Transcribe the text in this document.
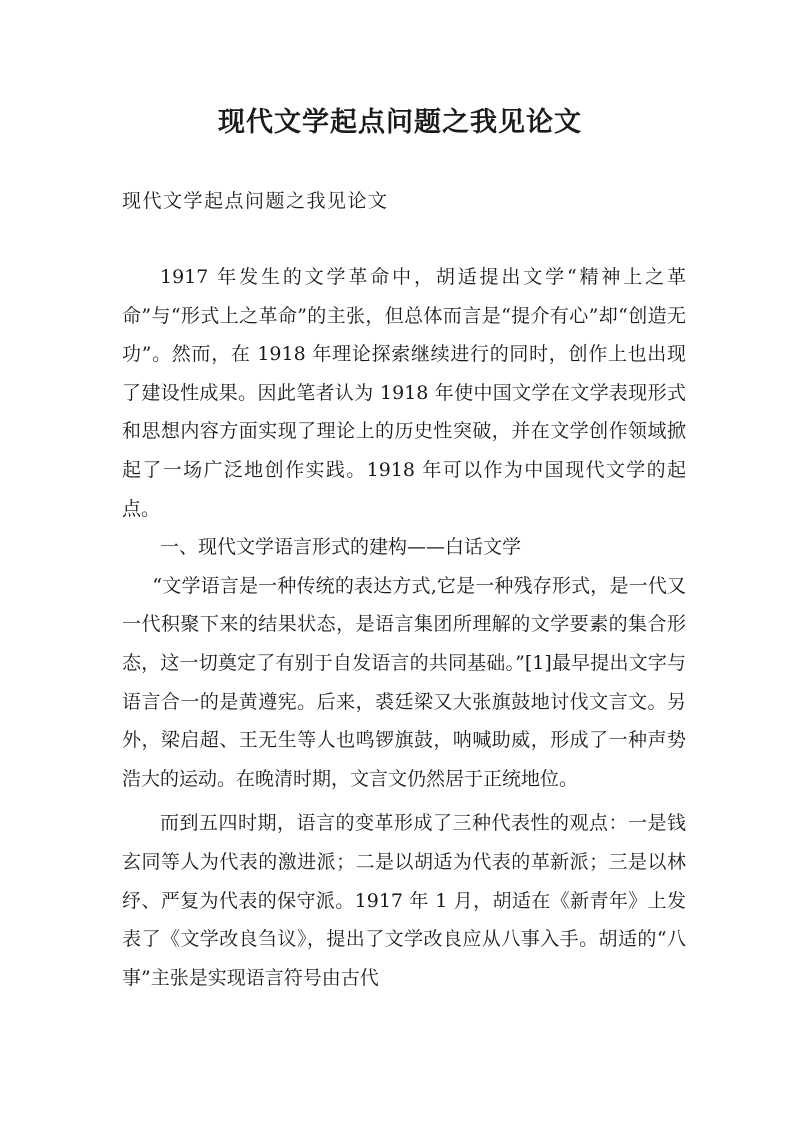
现代文学起点问题之我见论文

现代文学起点问题之我见论文

1917 年发生的文学革命中，胡适提出文学“精神上之革命”与“形式上之革命”的主张，但总体而言是“提介有心”却“创造无功”。然而，在 1918 年理论探索继续进行的同时，创作上也出现了建设性成果。因此笔者认为 1918 年使中国文学在文学表现形式和思想内容方面实现了理论上的历史性突破，并在文学创作领域掀起了一场广泛地创作实践。1918 年可以作为中国现代文学的起点。

一、现代文学语言形式的建构——白话文学

“文学语言是一种传统的表达方式,它是一种残存形式，是一代又一代积聚下来的结果状态，是语言集团所理解的文学要素的集合形态，这一切奠定了有别于自发语言的共同基础。”[1]最早提出文字与语言合一的是黄遵宪。后来，裘廷梁又大张旗鼓地讨伐文言文。另外，梁启超、王无生等人也鸣锣旗鼓，呐喊助威，形成了一种声势浩大的运动。在晚清时期，文言文仍然居于正统地位。

而到五四时期，语言的变革形成了三种代表性的观点：一是钱玄同等人为代表的激进派；二是以胡适为代表的革新派；三是以林纾、严复为代表的保守派。1917 年 1 月，胡适在《新青年》上发表了《文学改良刍议》，提出了文学改良应从八事入手。胡适的“八事”主张是实现语言符号由古代
